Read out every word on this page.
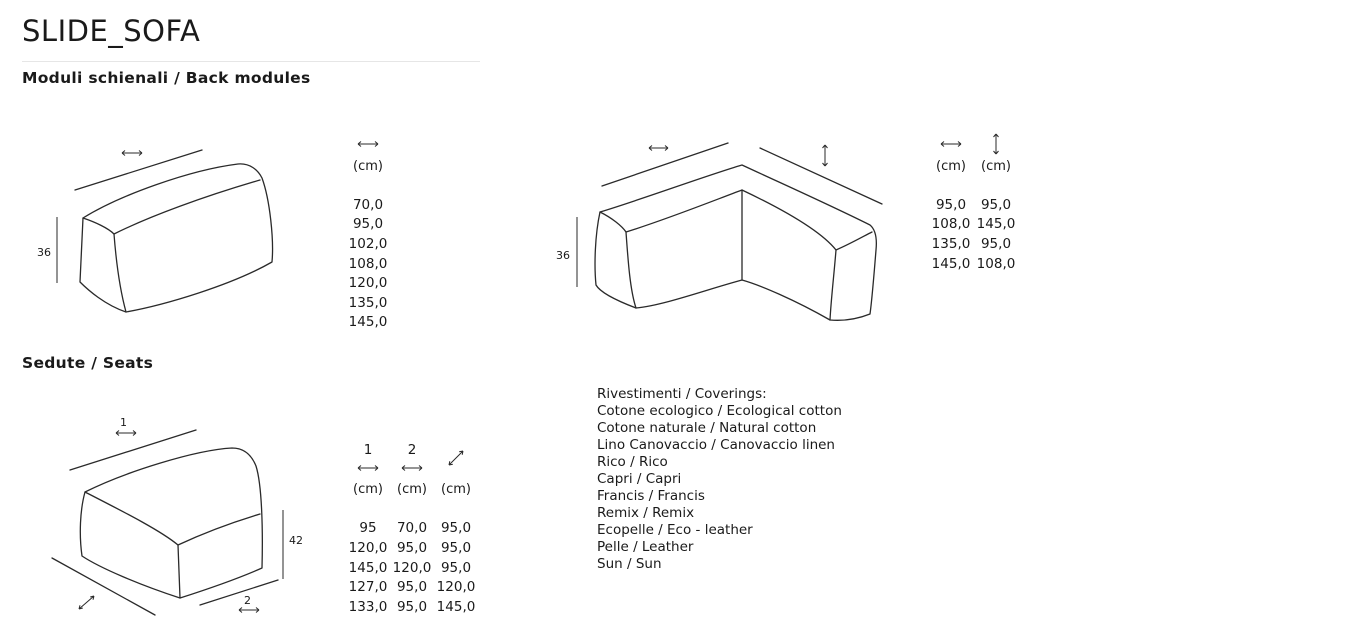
SLIDE_SOFA
Moduli schienali / Back modules
Sedute / Seats
36	36
1
42
2
(cm)
70,0
95,0
102,0
108,0
120,0
135,0
145,0
(cm)
95,0
108,0
135,0
145,0
(cm)
95,0
145,0
95,0
108,0
1
(cm)
95
120,0
145,0
127,0
133,0
2
(cm)
70,0
95,0
120,0
95,0
95,0
(cm)
95,0
95,0
95,0
120,0
145,0
Rivestimenti / Coverings:
Cotone ecologico / Ecological cotton
Cotone naturale / Natural cotton
Lino Canovaccio / Canovaccio linen
Rico / Rico
Capri / Capri
Francis / Francis
Remix / Remix
Ecopelle / Eco - leather
Pelle / Leather
Sun / Sun
